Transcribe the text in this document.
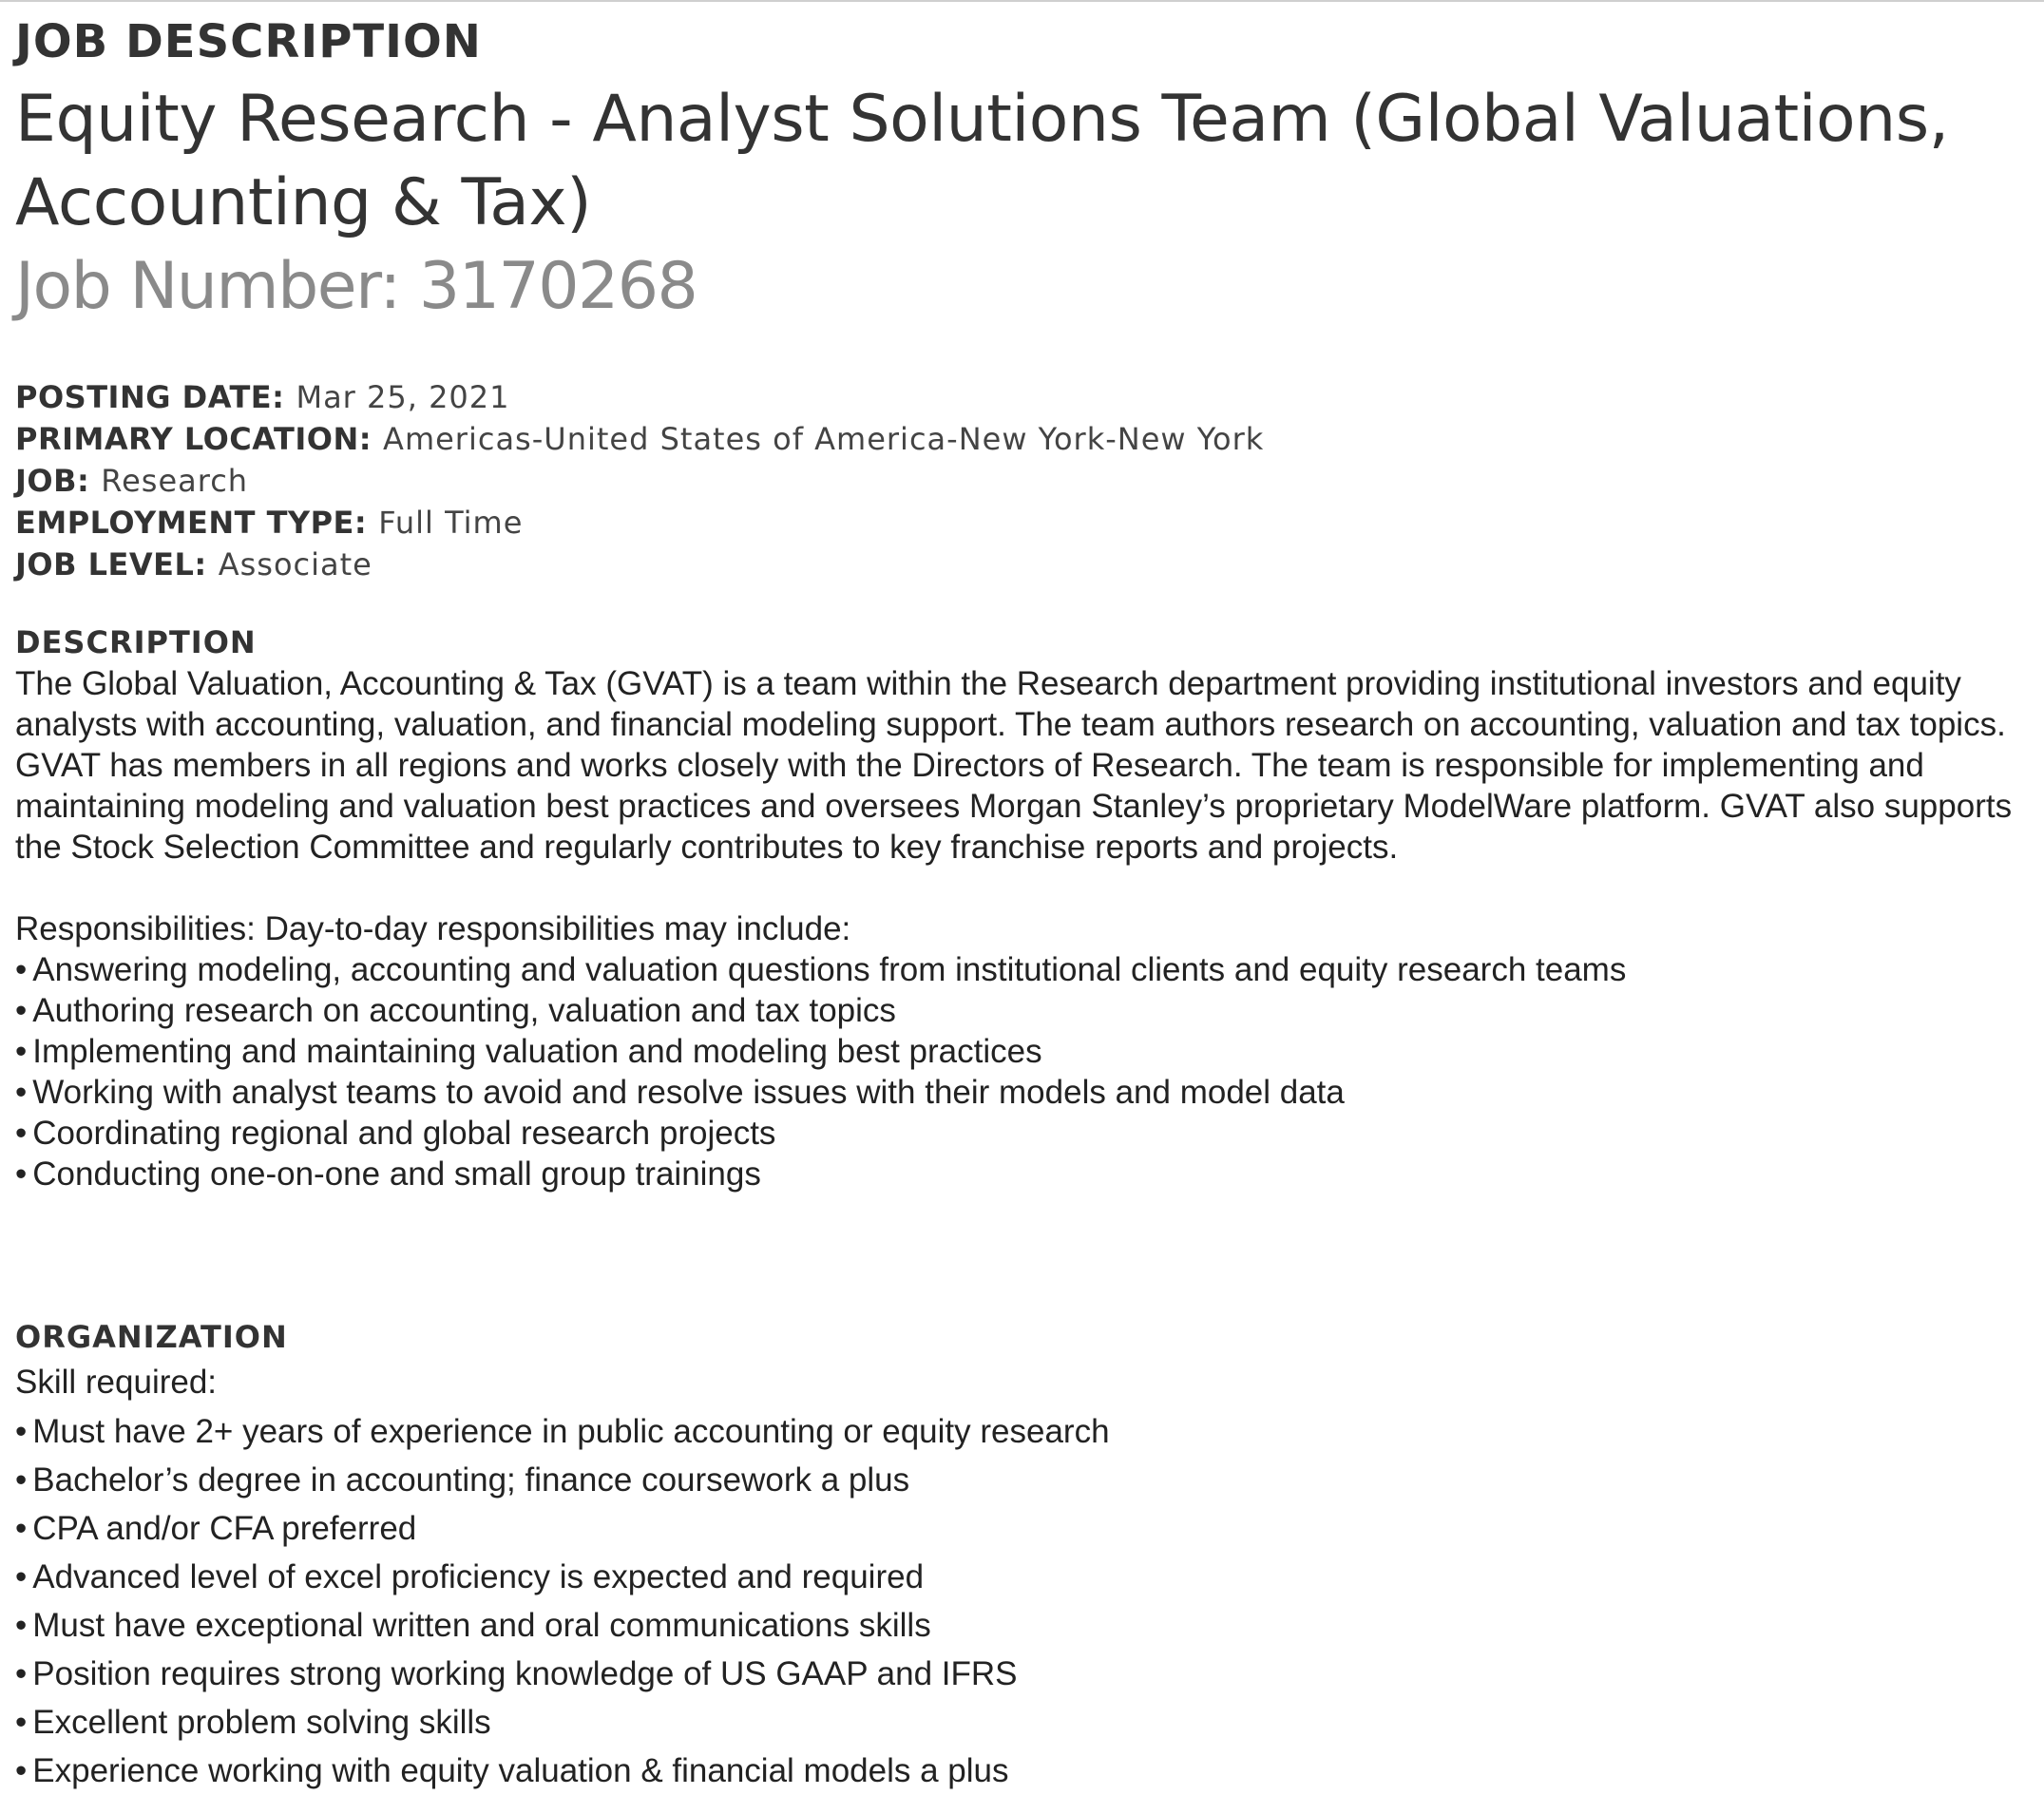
JOB DESCRIPTION
Equity Research - Analyst Solutions Team (Global Valuations, Accounting & Tax)
Job Number: 3170268
POSTING DATE: Mar 25, 2021
PRIMARY LOCATION: Americas-United States of America-New York-New York
JOB: Research
EMPLOYMENT TYPE: Full Time
JOB LEVEL: Associate
DESCRIPTION

The Global Valuation, Accounting & Tax (GVAT) is a team within the Research department providing institutional investors and equity analysts with accounting, valuation, and financial modeling support. The team authors research on accounting, valuation and tax topics. GVAT has members in all regions and works closely with the Directors of Research. The team is responsible for implementing and maintaining modeling and valuation best practices and oversees Morgan Stanley’s proprietary ModelWare platform. GVAT also supports the Stock Selection Committee and regularly contributes to key franchise reports and projects.

Responsibilities: Day-to-day responsibilities may include:
• Answering modeling, accounting and valuation questions from institutional clients and equity research teams
• Authoring research on accounting, valuation and tax topics
• Implementing and maintaining valuation and modeling best practices
• Working with analyst teams to avoid and resolve issues with their models and model data
• Coordinating regional and global research projects
• Conducting one-on-one and small group trainings
ORGANIZATION
Skill required:
• Must have 2+ years of experience in public accounting or equity research
• Bachelor’s degree in accounting; finance coursework a plus
• CPA and/or CFA preferred
• Advanced level of excel proficiency is expected and required
• Must have exceptional written and oral communications skills
• Position requires strong working knowledge of US GAAP and IFRS
• Excellent problem solving skills
• Experience working with equity valuation & financial models a plus
